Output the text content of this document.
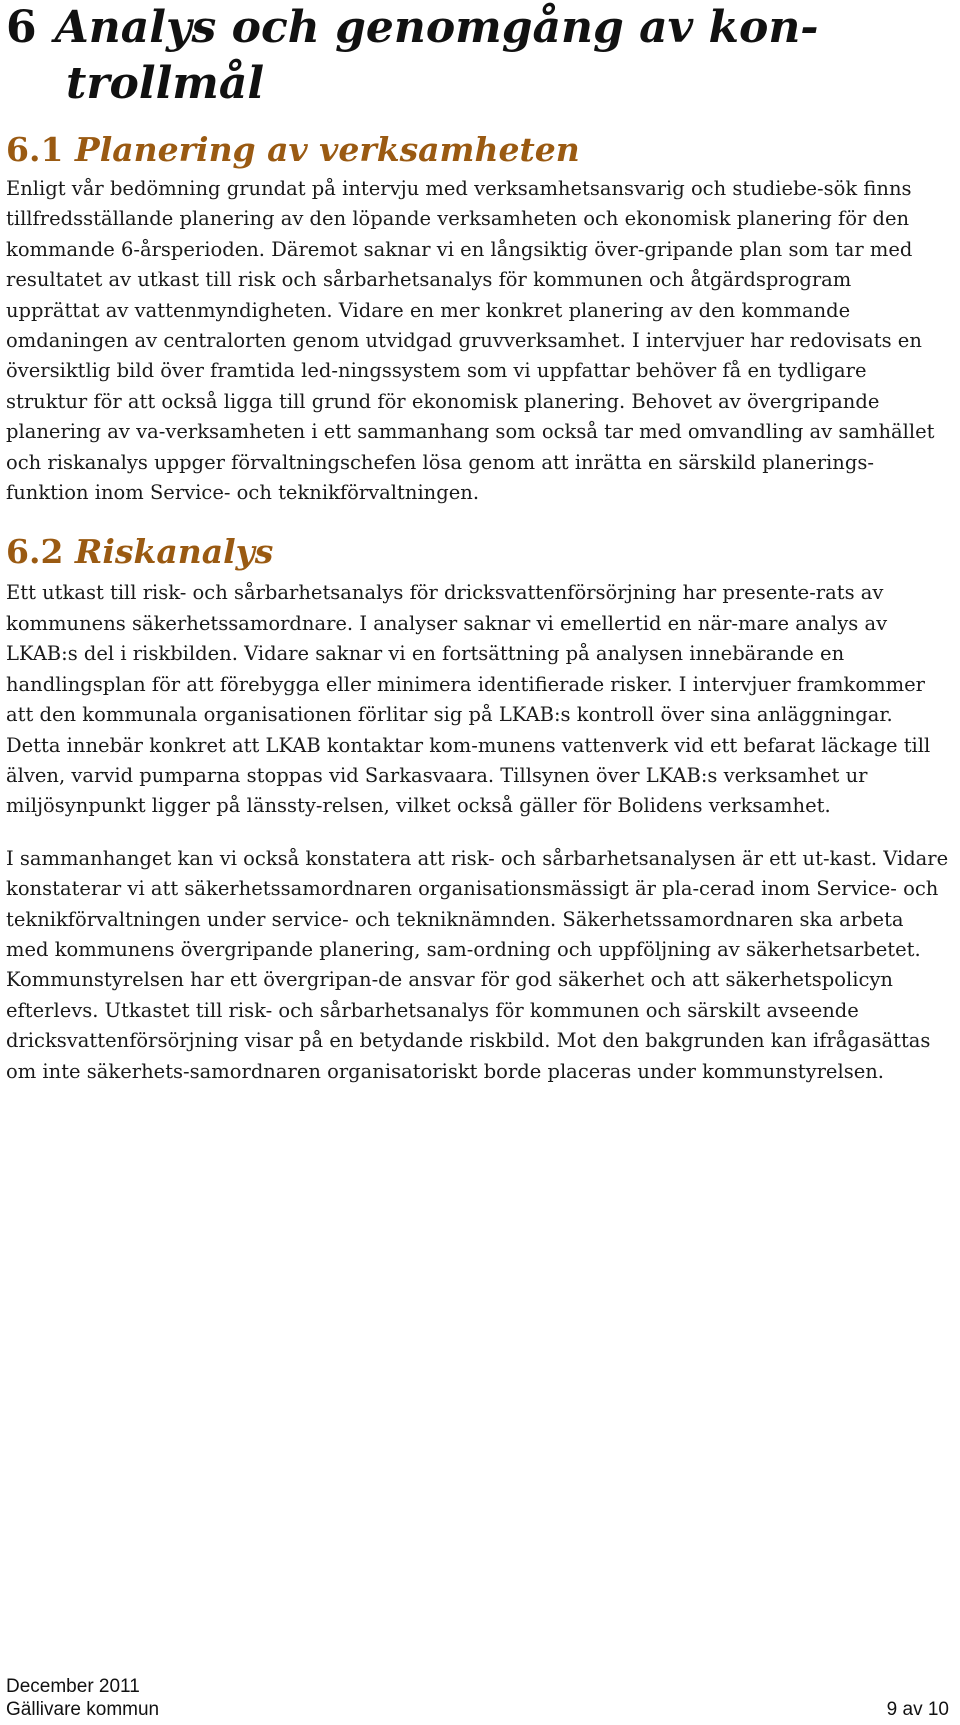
6 Analys och genomgång av kon-
trollmål
6.1 Planering av verksamheten

Enligt vår bedömning grundat på intervju med verksamhetsansvarig och studiebe-sök finns tillfredsställande planering av den löpande verksamheten och ekonomisk planering för den kommande 6-årsperioden. Däremot saknar vi en långsiktig över-gripande plan som tar med resultatet av utkast till risk och sårbarhetsanalys för kommunen och åtgärdsprogram upprättat av vattenmyndigheten. Vidare en mer konkret planering av den kommande omdaningen av centralorten genom utvidgad gruvverksamhet. I intervjuer har redovisats en översiktlig bild över framtida led-ningssystem som vi uppfattar behöver få en tydligare struktur för att också ligga till grund för ekonomisk planering. Behovet av övergripande planering av va-verksamheten i ett sammanhang som också tar med omvandling av samhället och riskanalys uppger förvaltningschefen lösa genom att inrätta en särskild planerings-funktion inom Service- och teknikförvaltningen.

6.2 Riskanalys

Ett utkast till risk- och sårbarhetsanalys för dricksvattenförsörjning har presente-rats av kommunens säkerhetssamordnare. I analyser saknar vi emellertid en när-mare analys av LKAB:s del i riskbilden. Vidare saknar vi en fortsättning på analysen innebärande en handlingsplan för att förebygga eller minimera identifierade risker. I intervjuer framkommer att den kommunala organisationen förlitar sig på LKAB:s kontroll över sina anläggningar. Detta innebär konkret att LKAB kontaktar kom-munens vattenverk vid ett befarat läckage till älven, varvid pumparna stoppas vid Sarkasvaara. Tillsynen över LKAB:s verksamhet ur miljösynpunkt ligger på länssty-relsen, vilket också gäller för Bolidens verksamhet.

I sammanhanget kan vi också konstatera att risk- och sårbarhetsanalysen är ett ut-kast. Vidare konstaterar vi att säkerhetssamordnaren organisationsmässigt är pla-cerad inom Service- och teknikförvaltningen under service- och tekniknämnden. Säkerhetssamordnaren ska arbeta med kommunens övergripande planering, sam-ordning och uppföljning av säkerhetsarbetet. Kommunstyrelsen har ett övergripan-de ansvar för god säkerhet och att säkerhetspolicyn efterlevs. Utkastet till risk- och sårbarhetsanalys för kommunen och särskilt avseende dricksvattenförsörjning visar på en betydande riskbild. Mot den bakgrunden kan ifrågasättas om inte säkerhets-samordnaren organisatoriskt borde placeras under kommunstyrelsen.

December 2011
Gällivare kommun	9 av 10
